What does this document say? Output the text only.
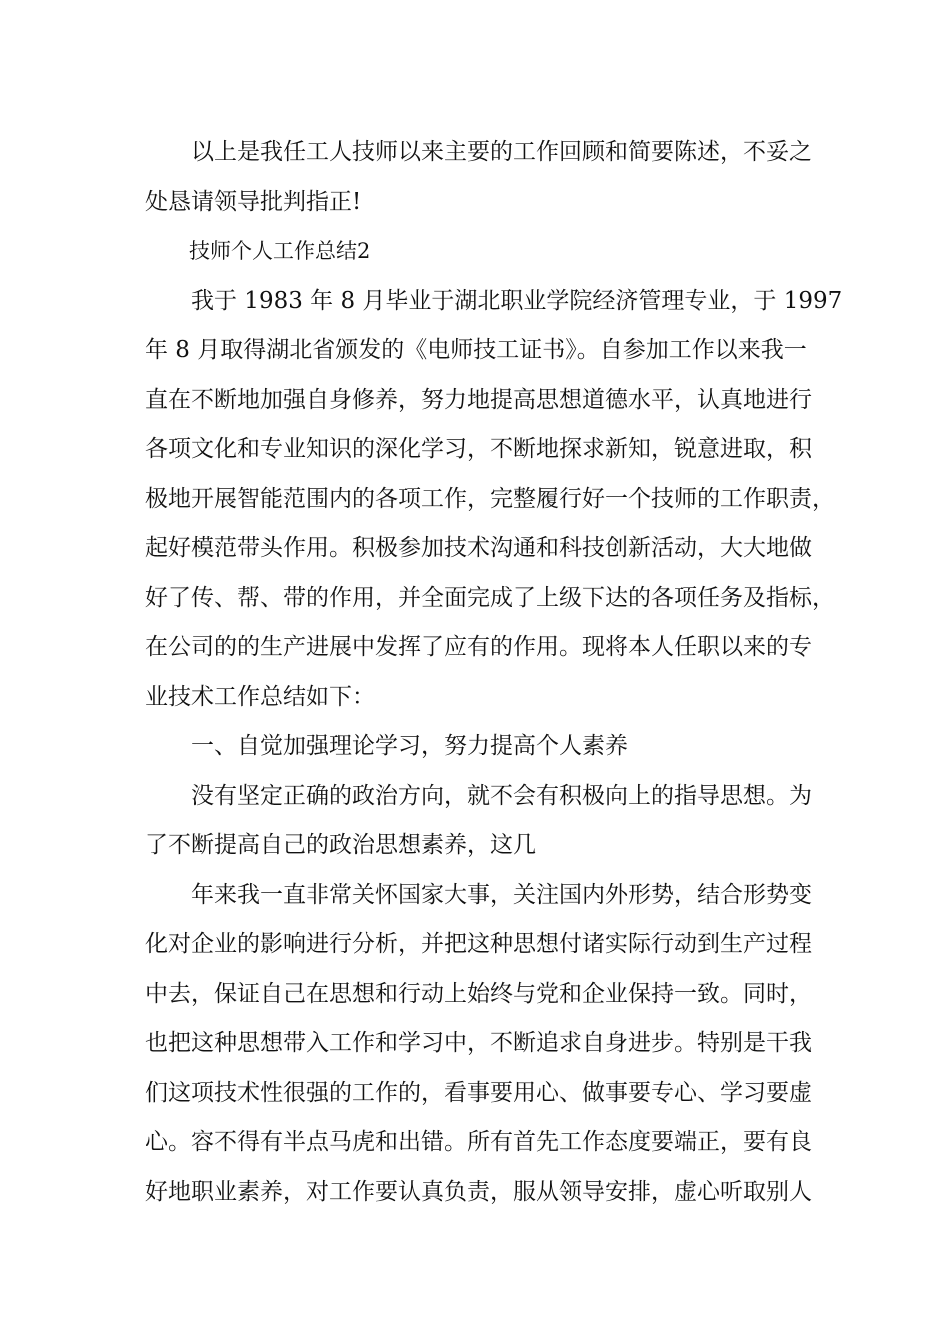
以上是我任工人技师以来主要的工作回顾和简要陈述，不妥之
处恳请领导批判指正!
技师个人工作总结2
我于 1983 年 8 月毕业于湖北职业学院经济管理专业，于 1997
年 8 月取得湖北省颁发的《电师技工证书》。自参加工作以来我一
直在不断地加强自身修养，努力地提高思想道德水平，认真地进行
各项文化和专业知识的深化学习，不断地探求新知，锐意进取，积
极地开展智能范围内的各项工作，完整履行好一个技师的工作职责，
起好模范带头作用。积极参加技术沟通和科技创新活动，大大地做
好了传、帮、带的作用，并全面完成了上级下达的各项任务及指标，
在公司的的生产进展中发挥了应有的作用。现将本人任职以来的专
业技术工作总结如下：
一、自觉加强理论学习，努力提高个人素养
没有坚定正确的政治方向，就不会有积极向上的指导思想。为
了不断提高自己的政治思想素养，这几
年来我一直非常关怀国家大事，关注国内外形势，结合形势变
化对企业的影响进行分析，并把这种思想付诸实际行动到生产过程
中去，保证自己在思想和行动上始终与党和企业保持一致。同时，
也把这种思想带入工作和学习中，不断追求自身进步。特别是干我
们这项技术性很强的工作的，看事要用心、做事要专心、学习要虚
心。容不得有半点马虎和出错。所有首先工作态度要端正，要有良
好地职业素养，对工作要认真负责，服从领导安排，虚心听取别人
